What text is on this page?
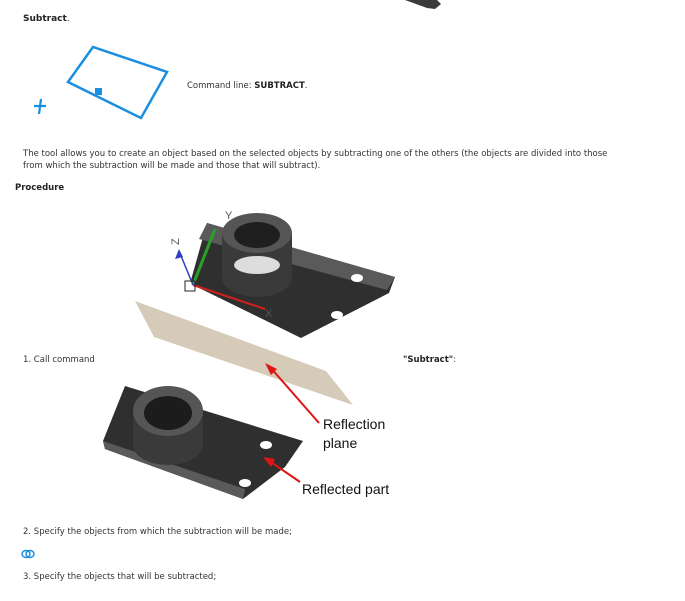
Subtract.
Command line: SUBTRACT.
The tool allows you to create an object based on the selected objects by subtracting one of the others (the objects are divided into those from which the subtraction will be made and those that will subtract).
Procedure
Y
Z
X
Reflection
plane
Reflected part
1. Call command	"Subtract":
2. Specify the objects from which the subtraction will be made;
3. Specify the objects that will be subtracted;
